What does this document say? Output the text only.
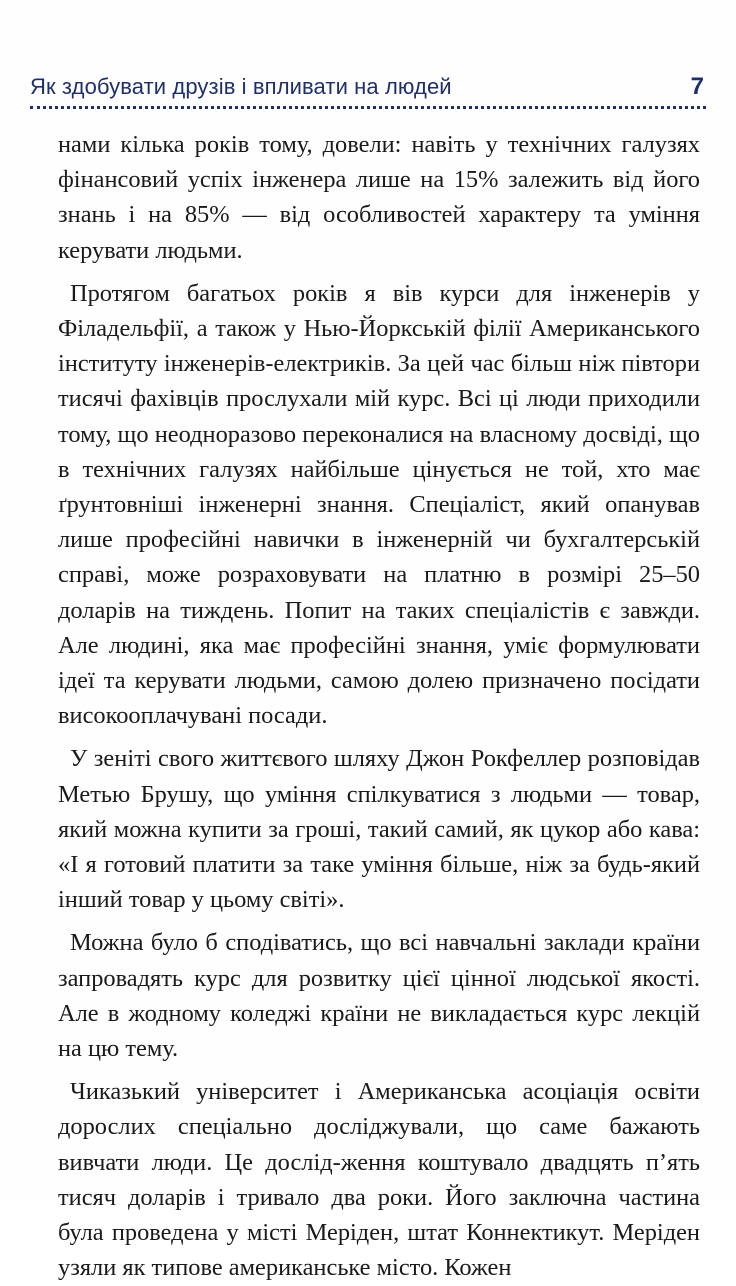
Як здобувати друзів і впливати на людей	7

нами кілька років тому, довели: навіть у технічних галузях фінансовий успіх інженера лише на 15% залежить від його знань і на 85% — від особливостей характеру та уміння керувати людьми.

Протягом багатьох років я вів курси для інженерів у Філадельфії, а також у Нью-Йоркській філії Американського інституту інженерів-електриків. За цей час більш ніж півтори тисячі фахівців прослухали мій курс. Всі ці люди приходили тому, що неодноразово переконалися на власному досвіді, що в технічних галузях найбільше цінується не той, хто має ґрунтовніші інженерні знання. Спеціаліст, який опанував лише професійні навички в інженерній чи бухгалтерській справі, може розраховувати на платню в розмірі 25–50 доларів на тиждень. Попит на таких спеціалістів є завжди. Але людині, яка має професійні знання, уміє формулювати ідеї та керувати людьми, самою долею призначено посідати високооплачувані посади.

У зеніті свого життєвого шляху Джон Рокфеллер розповідав Метью Брушу, що уміння спілкуватися з людьми — товар, який можна купити за гроші, такий самий, як цукор або кава: «І я готовий платити за таке уміння більше, ніж за будь-який інший товар у цьому світі».

Можна було б сподіватись, що всі навчальні заклади країни запровадять курс для розвитку цієї цінної людської якості. Але в жодному коледжі країни не викладається курс лекцій на цю тему.

Чиказький університет і Американська асоціація освіти дорослих спеціально досліджували, що саме бажають вивчати люди. Це дослід-ження коштувало двадцять п’ять тисяч доларів і тривало два роки. Його заключна частина була проведена у місті Меріден, штат Коннектикут. Меріден узяли як типове американське місто. Кожен
